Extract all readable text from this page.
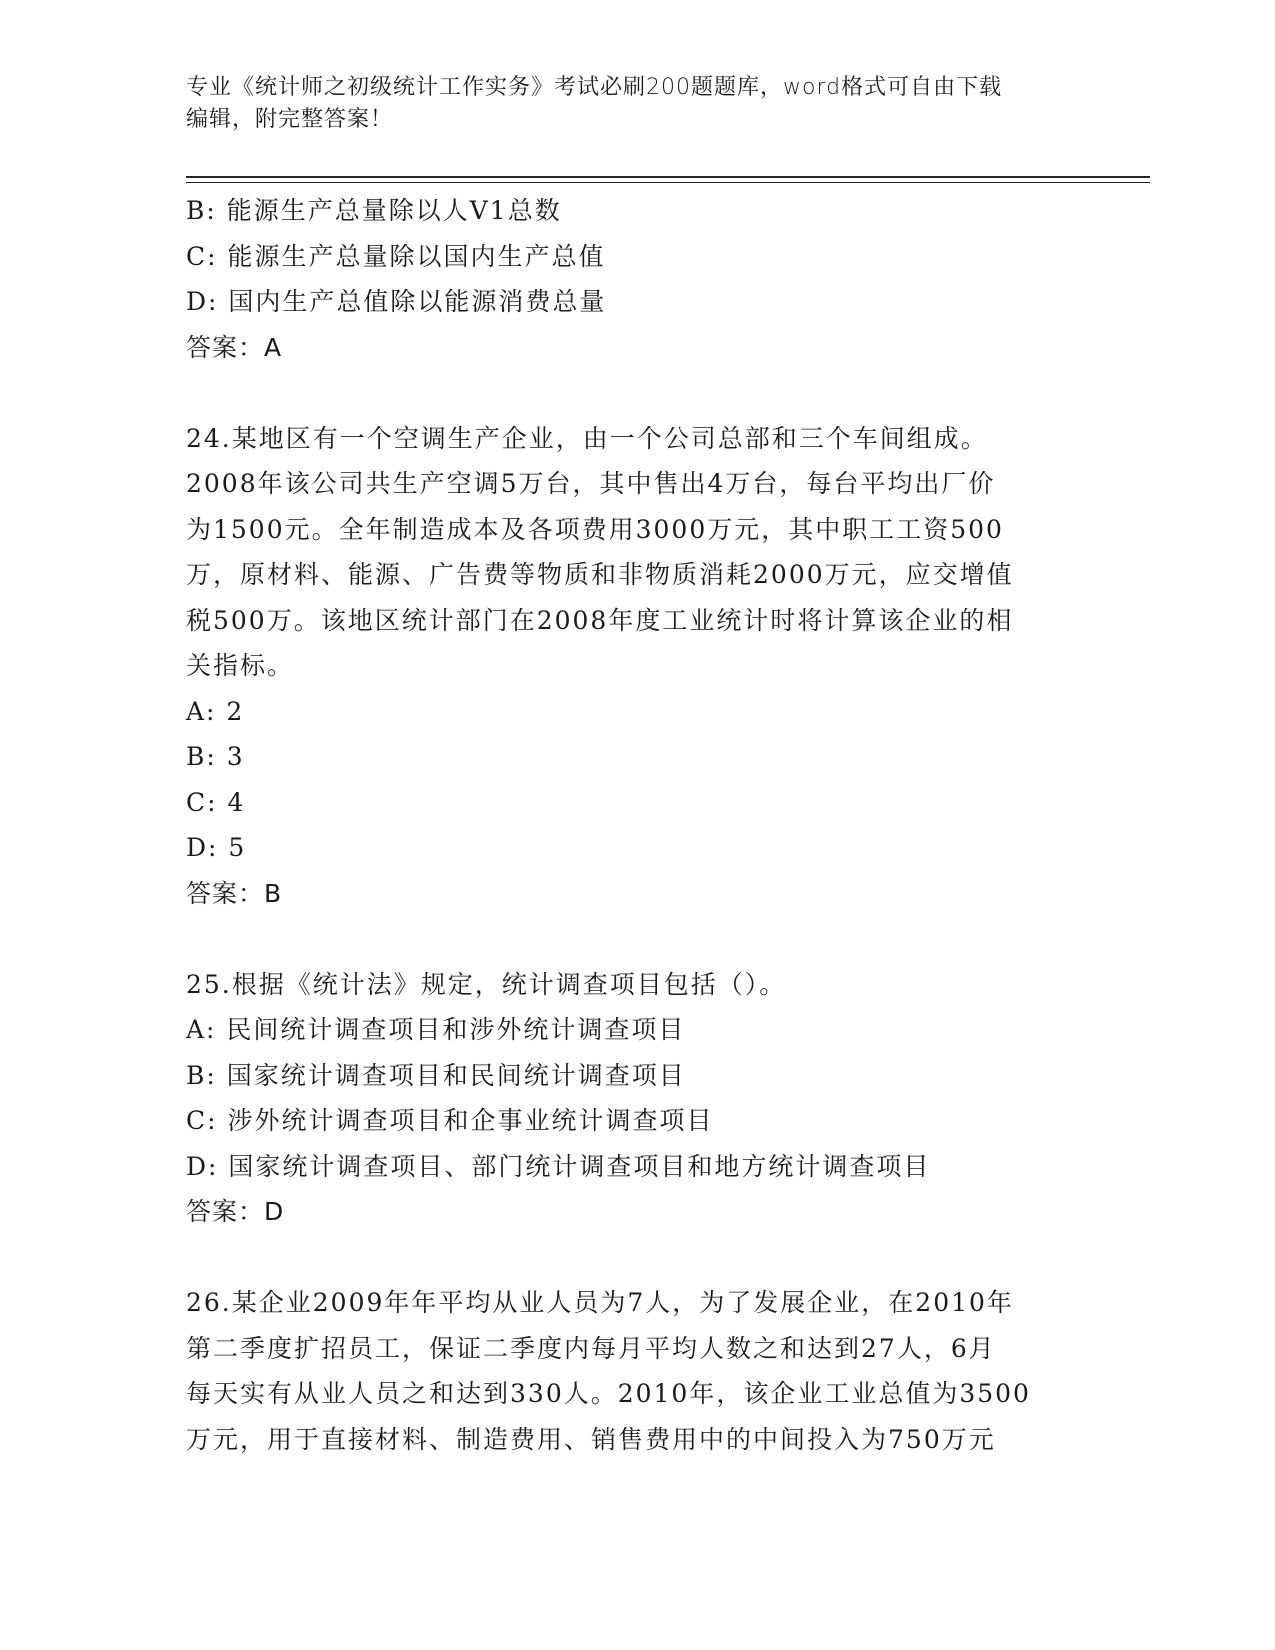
专业《统计师之初级统计工作实务》考试必刷200题题库，word格式可自由下载
编辑，附完整答案！
B: 能源生产总量除以人V1总数
C: 能源生产总量除以国内生产总值
D: 国内生产总值除以能源消费总量
答案：A
24.某地区有一个空调生产企业，由一个公司总部和三个车间组成。
2008年该公司共生产空调5万台，其中售出4万台，每台平均出厂价
为1500元。全年制造成本及各项费用3000万元，其中职工工资500
万，原材料、能源、广告费等物质和非物质消耗2000万元，应交增值
税500万。该地区统计部门在2008年度工业统计时将计算该企业的相
关指标。
A: 2
B: 3
C: 4
D: 5
答案：B
25.根据《统计法》规定，统计调查项目包括（）。
A: 民间统计调查项目和涉外统计调查项目
B: 国家统计调查项目和民间统计调查项目
C: 涉外统计调查项目和企事业统计调查项目
D: 国家统计调查项目、部门统计调查项目和地方统计调查项目
答案：D
26.某企业2009年年平均从业人员为7人，为了发展企业，在2010年
第二季度扩招员工，保证二季度内每月平均人数之和达到27人，6月
每天实有从业人员之和达到330人。2010年，该企业工业总值为3500
万元，用于直接材料、制造费用、销售费用中的中间投入为750万元
